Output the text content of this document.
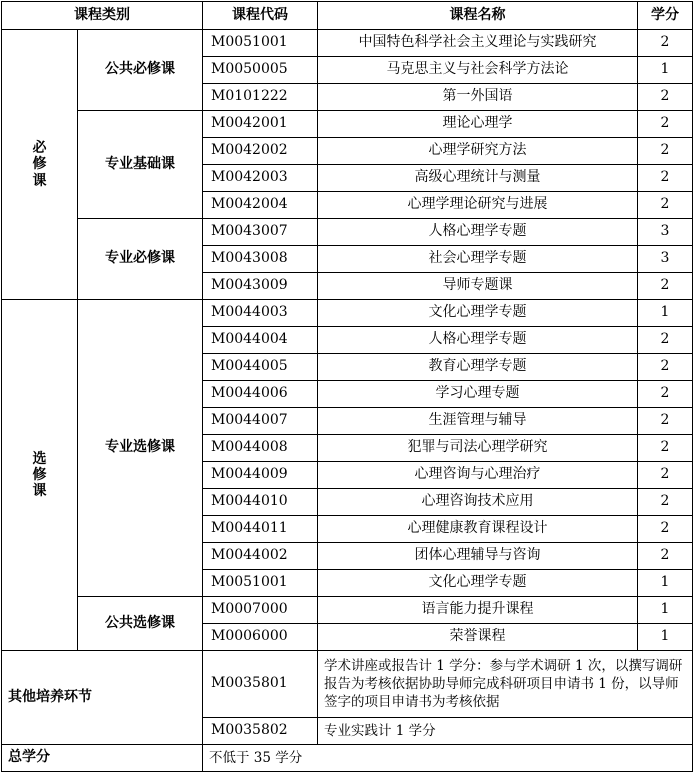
课程类别		课程代码	课程名称	学分

必修课	公共必修课	M0051001	中国特色科学社会主义理论与实践研究	2
		M0050005	马克思主义与社会科学方法论	1
		M0101222	第一外国语	2
	专业基础课	M0042001	理论心理学	2
		M0042002	心理学研究方法	2
		M0042003	高级心理统计与测量	2
		M0042004	心理学理论研究与进展	2
	专业必修课	M0043007	人格心理学专题	3
		M0043008	社会心理学专题	3
		M0043009	导师专题课	2

选修课	专业选修课	M0044003	文化心理学专题	1
		M0044004	人格心理学专题	2
		M0044005	教育心理学专题	2
		M0044006	学习心理专题	2
		M0044007	生涯管理与辅导	2
		M0044008	犯罪与司法心理学研究	2
		M0044009	心理咨询与心理治疗	2
		M0044010	心理咨询技术应用	2
		M0044011	心理健康教育课程设计	2
		M0044002	团体心理辅导与咨询	2
		M0051001	文化心理学专题	1
	公共选修课	M0007000	语言能力提升课程	1
		M0006000	荣誉课程	1
其他培养环节		M0035801	学术讲座或报告计 1 学分：参与学术调研 1 次，以撰写调研报告为考核依据协助导师完成科研项目申请书 1 份，以导师签字的项目申请书为考核依据	
		M0035802	专业实践计 1 学分	
总学分		不低于 35 学分		
